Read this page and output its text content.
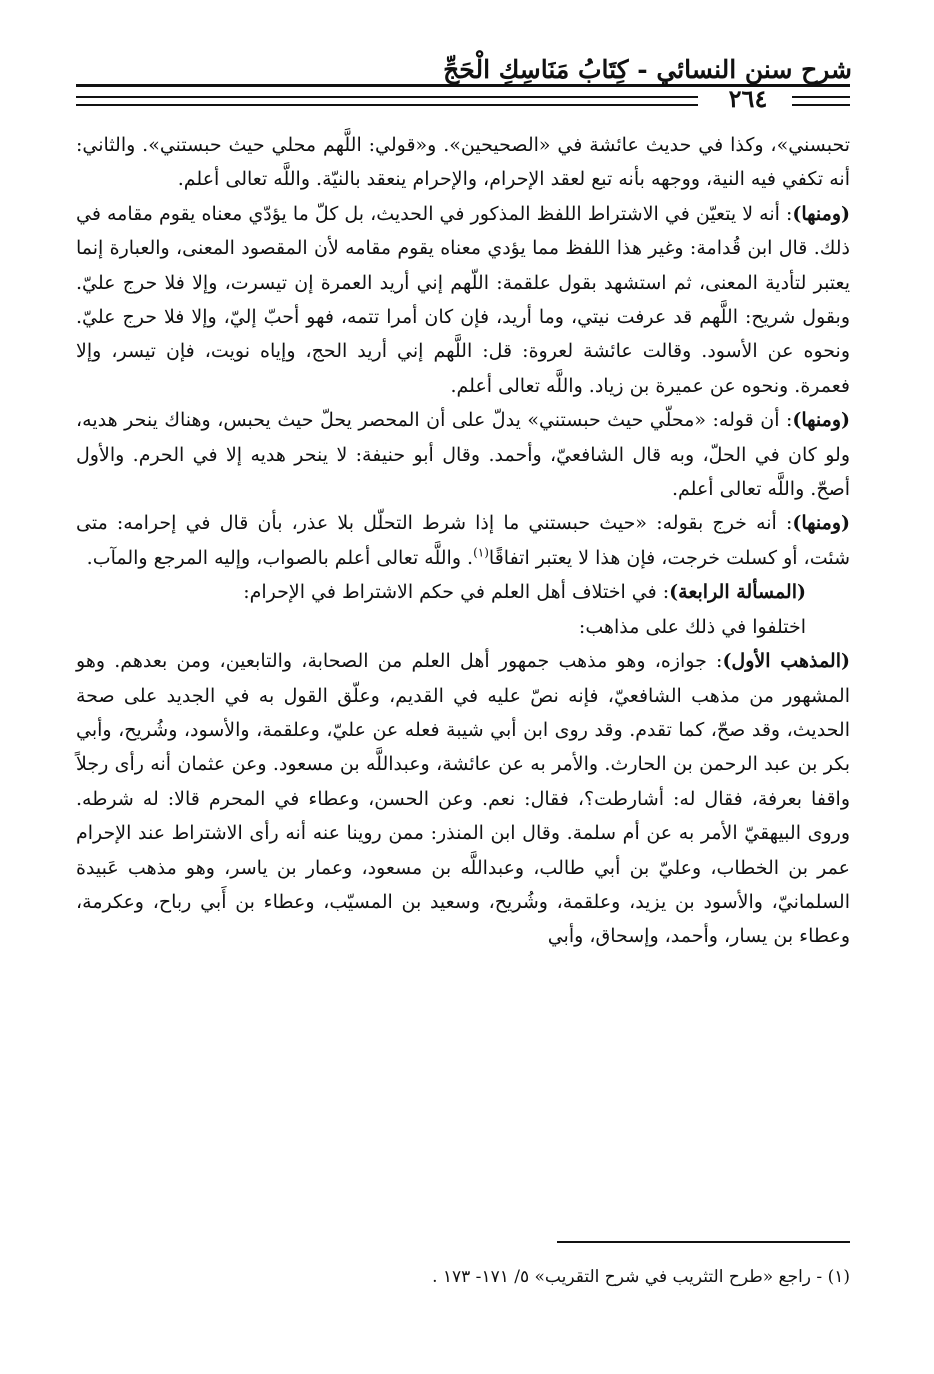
شرح سنن النسائي - كِتَابُ مَنَاسِكِ الْحَجِّ
٢٦٤

تحبسني»، وكذا في حديث عائشة في «الصحيحين». و«قولي: اللَّهم محلي حيث حبستني». والثاني: أنه تكفي فيه النية، ووجهه بأنه تبع لعقد الإحرام، والإحرام ينعقد بالنيّة. واللَّه تعالى أعلم.

(ومنها): أنه لا يتعيّن في الاشتراط اللفظ المذكور في الحديث، بل كلّ ما يؤدّي معناه يقوم مقامه في ذلك. قال ابن قُدامة: وغير هذا اللفظ مما يؤدي معناه يقوم مقامه لأن المقصود المعنى، والعبارة إنما يعتبر لتأدية المعنى، ثم استشهد بقول علقمة: اللّهم إني أريد العمرة إن تيسرت، وإلا فلا حرج عليّ. وبقول شريح: اللَّهم قد عرفت نيتي، وما أريد، فإن كان أمرا تتمه، فهو أحبّ إليّ، وإلا فلا حرج عليّ. ونحوه عن الأسود. وقالت عائشة لعروة: قل: اللَّهم إني أريد الحج، وإياه نويت، فإن تيسر، وإلا فعمرة. ونحوه عن عميرة بن زياد. واللَّه تعالى أعلم.

(ومنها): أن قوله: «محلّي حيث حبستني» يدلّ على أن المحصر يحلّ حيث يحبس، وهناك ينحر هديه، ولو كان في الحلّ، وبه قال الشافعيّ، وأحمد. وقال أبو حنيفة: لا ينحر هديه إلا في الحرم. والأول أصحّ. واللَّه تعالى أعلم.

(ومنها): أنه خرج بقوله: «حيث حبستني ما إذا شرط التحلّل بلا عذر، بأن قال في إحرامه: متى شئت، أو كسلت خرجت، فإن هذا لا يعتبر اتفاقًا$^{(١)}$. واللَّه تعالى أعلم بالصواب، وإليه المرجع والمآب.

(المسألة الرابعة): في اختلاف أهل العلم في حكم الاشتراط في الإحرام:

اختلفوا في ذلك على مذاهب:

(المذهب الأول): جوازه، وهو مذهب جمهور أهل العلم من الصحابة، والتابعين، ومن بعدهم. وهو المشهور من مذهب الشافعيّ، فإنه نصّ عليه في القديم، وعلّق القول به في الجديد على صحة الحديث، وقد صحّ، كما تقدم. وقد روى ابن أبي شيبة فعله عن عليّ، وعلقمة، والأسود، وشُريح، وأبي بكر بن عبد الرحمن بن الحارث. والأمر به عن عائشة، وعبداللَّه بن مسعود. وعن عثمان أنه رأى رجلاً واقفا بعرفة، فقال له: أشارطت؟، فقال: نعم. وعن الحسن، وعطاء في المحرم قالا: له شرطه. وروى البيهقيّ الأمر به عن أم سلمة. وقال ابن المنذر: ممن روينا عنه أنه رأى الاشتراط عند الإحرام عمر بن الخطاب، وعليّ بن أبي طالب، وعبداللَّه بن مسعود، وعمار بن ياسر، وهو مذهب عَبيدة السلمانيّ، والأسود بن يزيد، وعلقمة، وشُريح، وسعيد بن المسيّب، وعطاء بن أَبي رباح، وعكرمة، وعطاء بن يسار، وأحمد، وإسحاق، وأبي

(١) - راجع «طرح التثريب في شرح التقريب» ٥/ ١٧١- ١٧٣ .
